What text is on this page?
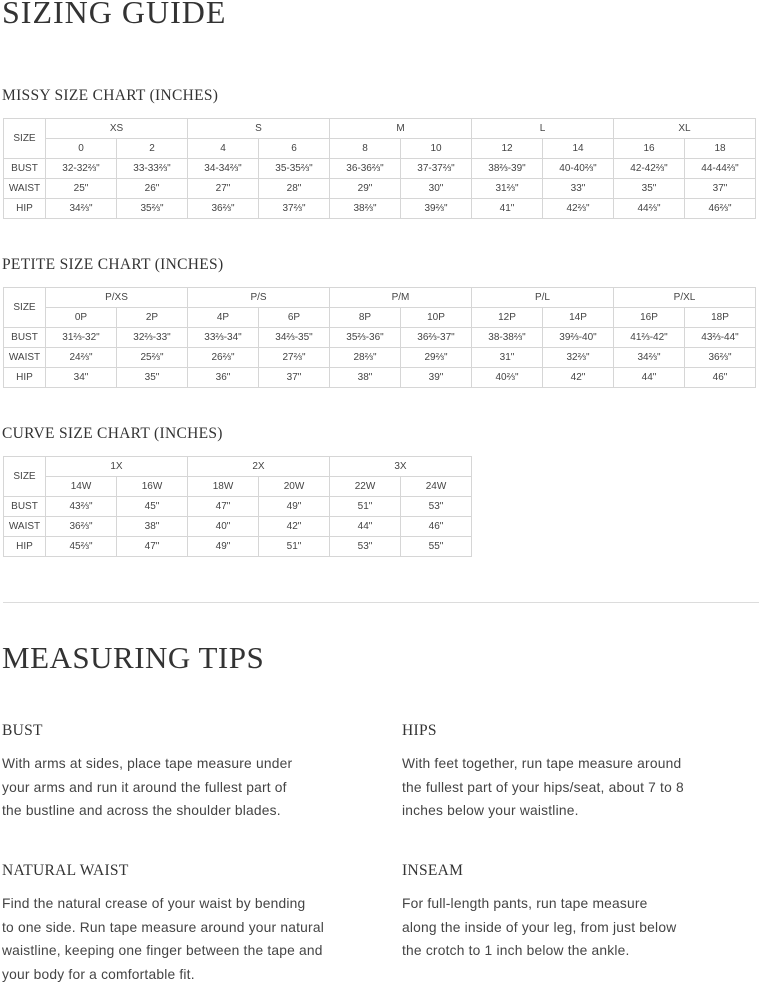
SIZING GUIDE
MISSY SIZE CHART (INCHES)
SIZE	XS		S		M		L		XL	
	0	2	4	6	8	10	12	14	16	18
BUST	32-32⅔"	33-33⅔"	34-34⅔"	35-35⅔"	36-36⅔"	37-37⅔"	38⅔-39"	40-40⅔"	42-42⅔"	44-44⅔"
WAIST	25"	26"	27"	28"	29"	30"	31⅔"	33"	35"	37"
HIP	34⅔"	35⅔"	36⅔"	37⅔"	38⅔"	39⅔"	41"	42⅔"	44⅔"	46⅔"
PETITE SIZE CHART (INCHES)
SIZE	P/XS		P/S		P/M		P/L		P/XL	
	0P	2P	4P	6P	8P	10P	12P	14P	16P	18P
BUST	31⅔-32"	32⅔-33"	33⅔-34"	34⅔-35"	35⅔-36"	36⅔-37"	38-38⅔"	39⅔-40"	41⅔-42"	43⅔-44"
WAIST	24⅔"	25⅔"	26⅔"	27⅔"	28⅔"	29⅔"	31"	32⅔"	34⅔"	36⅔"
HIP	34"	35"	36"	37"	38"	39"	40⅔"	42"	44"	46"
CURVE SIZE CHART (INCHES)
SIZE	1X		2X		3X	
	14W	16W	18W	20W	22W	24W
BUST	43⅔"	45"	47"	49"	51"	53"
WAIST	36⅔"	38"	40"	42"	44"	46"
HIP	45⅔"	47"	49"	51"	53"	55"
MEASURING TIPS
BUST
With arms at sides, place tape measure under
your arms and run it around the fullest part of
the bustline and across the shoulder blades.
HIPS
With feet together, run tape measure around
the fullest part of your hips/seat, about 7 to 8
inches below your waistline.
NATURAL WAIST
Find the natural crease of your waist by bending
to one side. Run tape measure around your natural
waistline, keeping one finger between the tape and
your body for a comfortable fit.
INSEAM
For full-length pants, run tape measure
along the inside of your leg, from just below
the crotch to 1 inch below the ankle.
